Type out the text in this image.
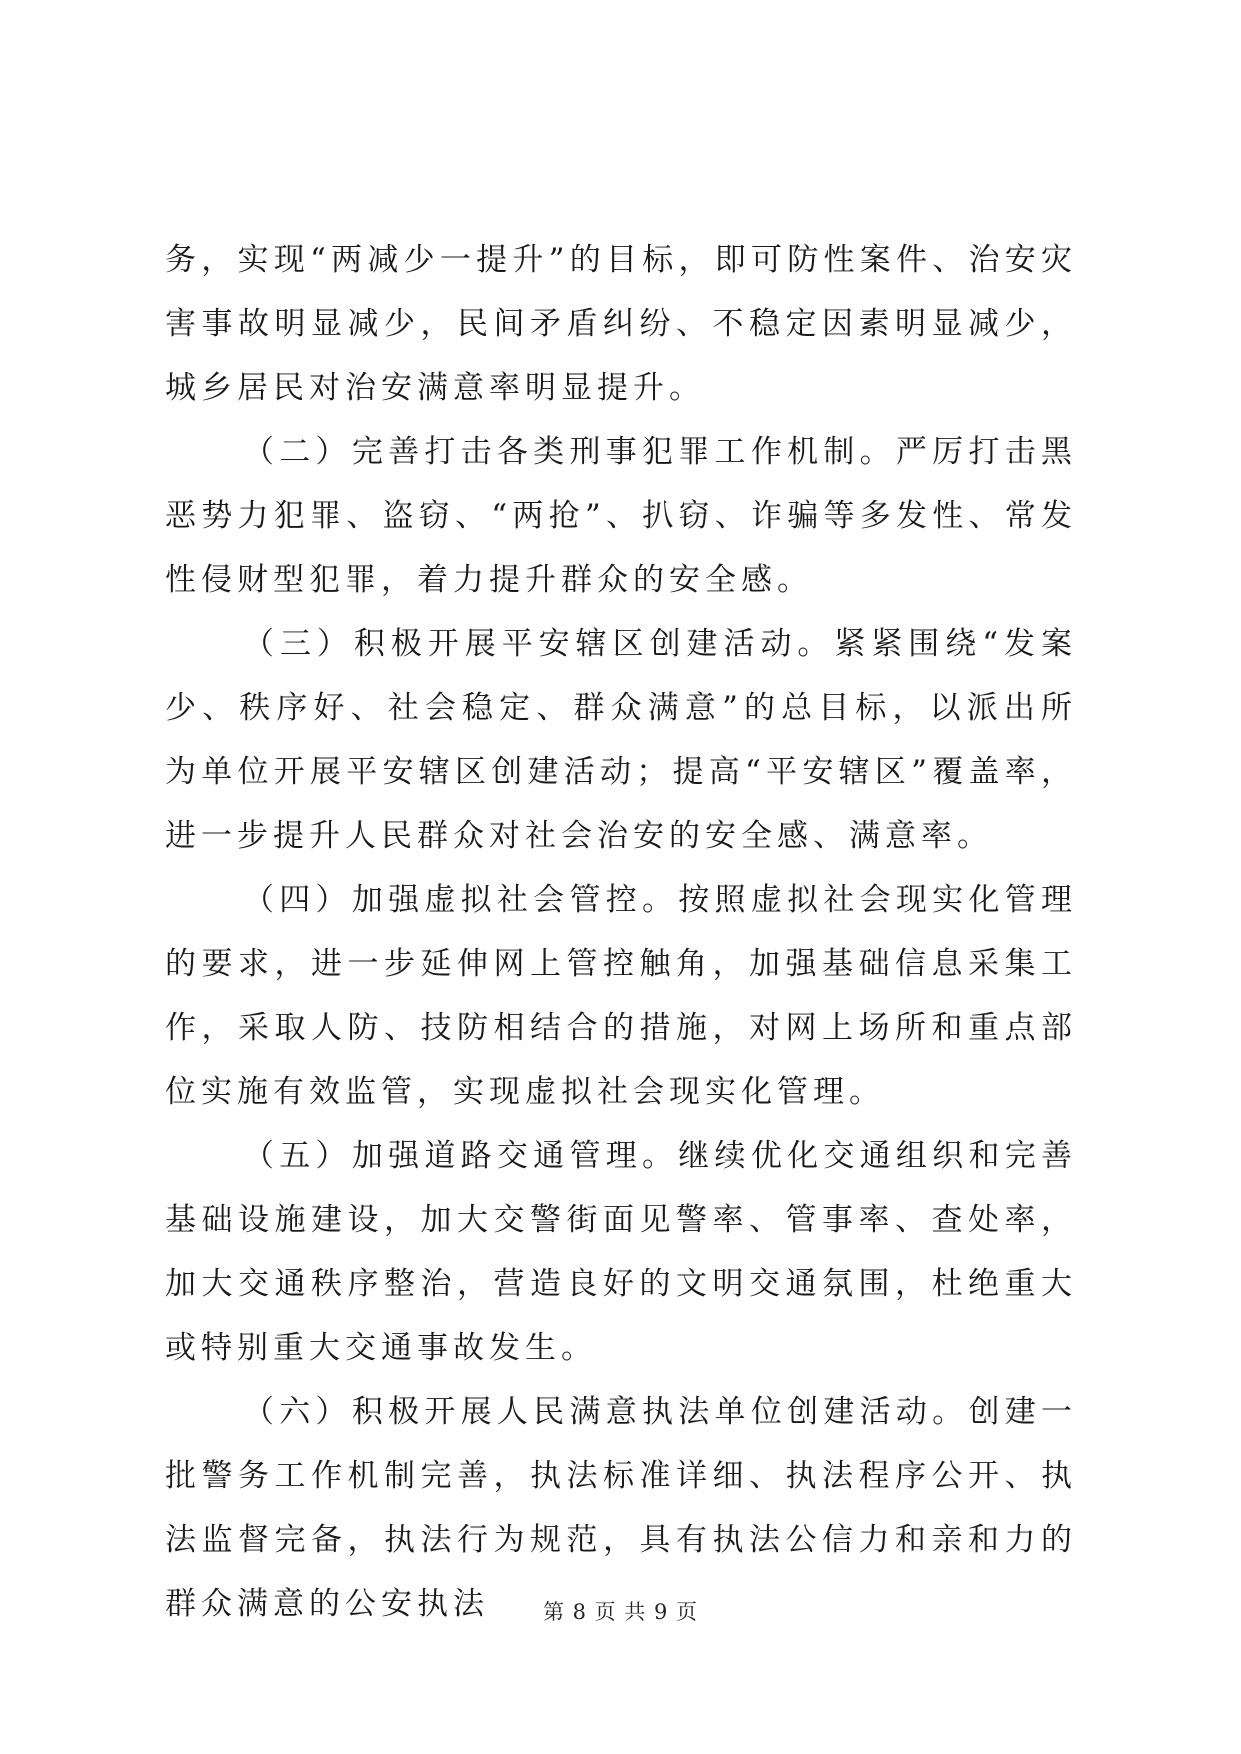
务，实现“两减少一提升”的目标，即可防性案件、治安灾害事故明显减少，民间矛盾纠纷、不稳定因素明显减少，城乡居民对治安满意率明显提升。

（二）完善打击各类刑事犯罪工作机制。严厉打击黑恶势力犯罪、盗窃、“两抢”、扒窃、诈骗等多发性、常发性侵财型犯罪，着力提升群众的安全感。

（三）积极开展平安辖区创建活动。紧紧围绕“发案少、秩序好、社会稳定、群众满意”的总目标，以派出所为单位开展平安辖区创建活动；提高“平安辖区”覆盖率，进一步提升人民群众对社会治安的安全感、满意率。

（四）加强虚拟社会管控。按照虚拟社会现实化管理的要求，进一步延伸网上管控触角，加强基础信息采集工作，采取人防、技防相结合的措施，对网上场所和重点部位实施有效监管，实现虚拟社会现实化管理。

（五）加强道路交通管理。继续优化交通组织和完善基础设施建设，加大交警街面见警率、管事率、查处率，加大交通秩序整治，营造良好的文明交通氛围，杜绝重大或特别重大交通事故发生。

（六）积极开展人民满意执法单位创建活动。创建一批警务工作机制完善，执法标准详细、执法程序公开、执法监督完备，执法行为规范，具有执法公信力和亲和力的群众满意的公安执法	第 8 页 共 9 页
